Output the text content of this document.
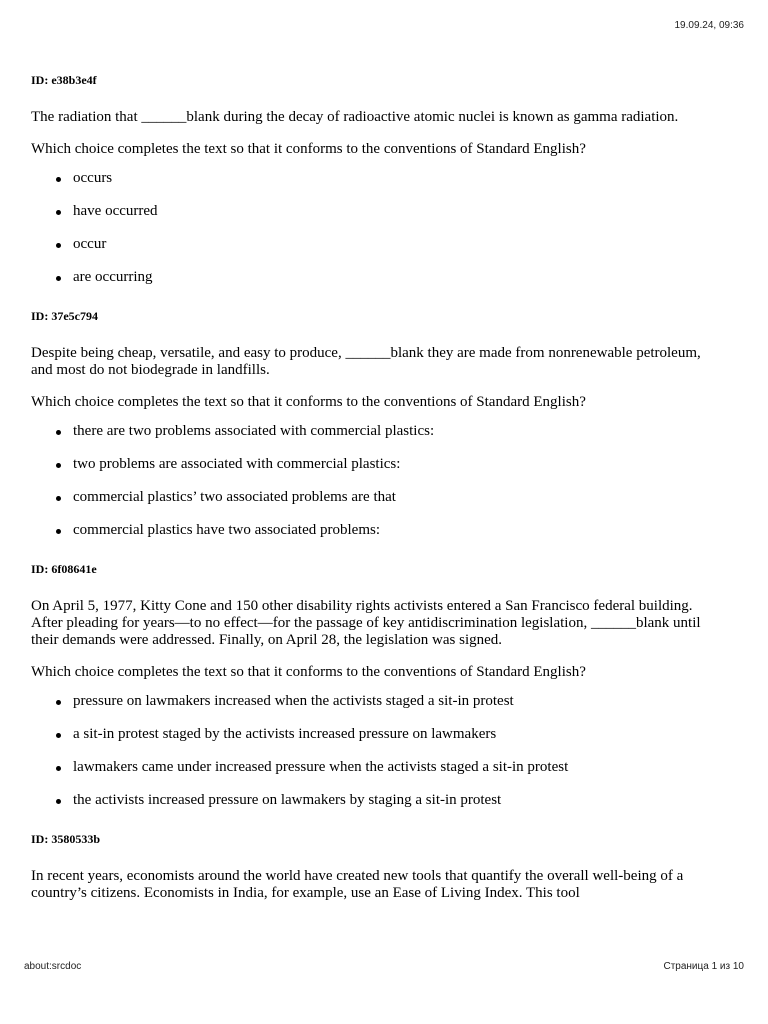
19.09.24, 09:36
ID: e38b3e4f
The radiation that ______blank during the decay of radioactive atomic nuclei is known as gamma radiation.
Which choice completes the text so that it conforms to the conventions of Standard English?
occurs
have occurred
occur
are occurring
ID: 37e5c794
Despite being cheap, versatile, and easy to produce, ______blank they are made from nonrenewable petroleum, and most do not biodegrade in landfills.
Which choice completes the text so that it conforms to the conventions of Standard English?
there are two problems associated with commercial plastics:
two problems are associated with commercial plastics:
commercial plastics’ two associated problems are that
commercial plastics have two associated problems:
ID: 6f08641e
On April 5, 1977, Kitty Cone and 150 other disability rights activists entered a San Francisco federal building. After pleading for years—to no effect—for the passage of key antidiscrimination legislation, ______blank until their demands were addressed. Finally, on April 28, the legislation was signed.
Which choice completes the text so that it conforms to the conventions of Standard English?
pressure on lawmakers increased when the activists staged a sit-in protest
a sit-in protest staged by the activists increased pressure on lawmakers
lawmakers came under increased pressure when the activists staged a sit-in protest
the activists increased pressure on lawmakers by staging a sit-in protest
ID: 3580533b
In recent years, economists around the world have created new tools that quantify the overall well-being of a country’s citizens. Economists in India, for example, use an Ease of Living Index. This tool
about:srcdoc	Страница 1 из 10
